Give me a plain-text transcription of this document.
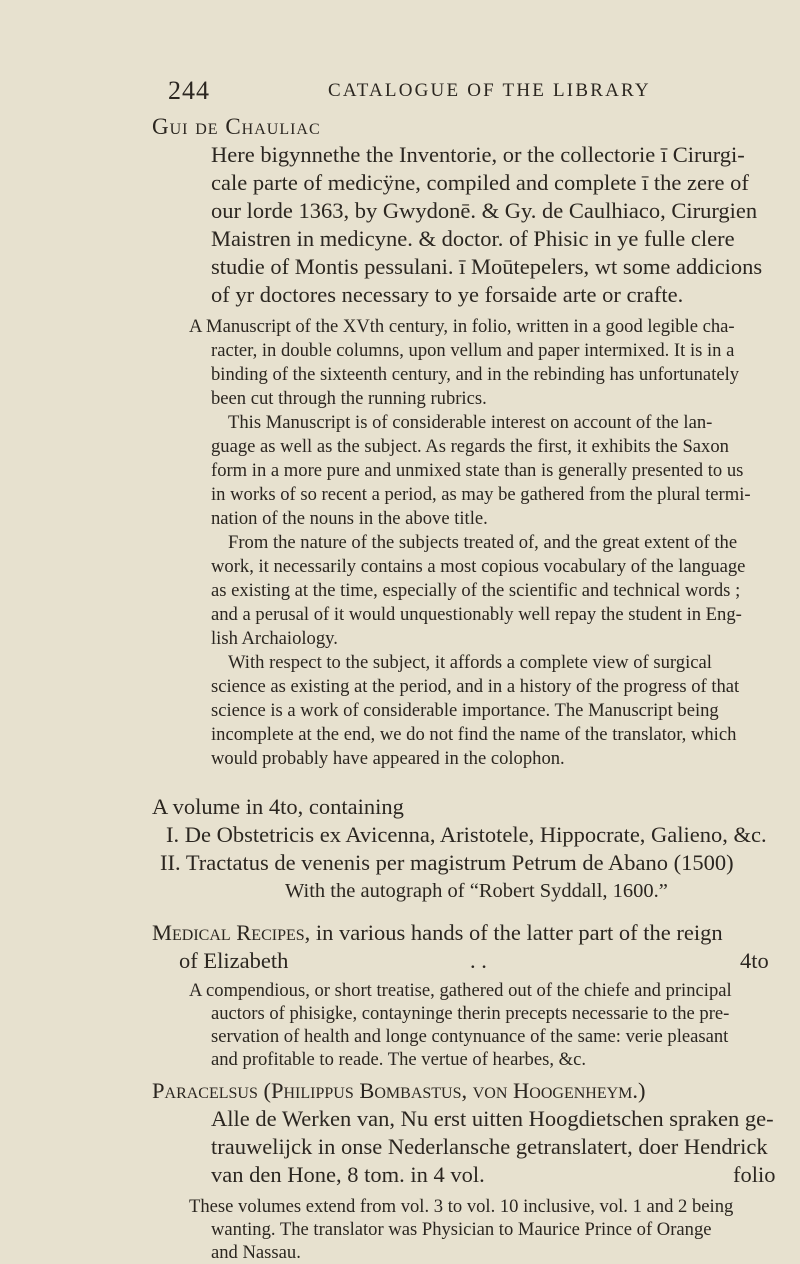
244	CATALOGUE OF THE LIBRARY
Gui de Chauliac
Here bigynnethe the Inventorie, or the collectorie ī Cirurgi-
cale parte of medicÿne, compiled and complete ī the zere of
our lorde 1363, by Gwydonē. & Gy. de Caulhiaco, Cirurgien
Maistren in medicyne. & doctor. of Phisic in ye fulle clere
studie of Montis pessulani. ī Moūtepelers, wt some addicions
of yr doctores necessary to ye forsaide arte or crafte.
A Manuscript of the XVth century, in folio, written in a good legible cha-
racter, in double columns, upon vellum and paper intermixed. It is in a
binding of the sixteenth century, and in the rebinding has unfortunately
been cut through the running rubrics.
This Manuscript is of considerable interest on account of the lan-
guage as well as the subject. As regards the first, it exhibits the Saxon
form in a more pure and unmixed state than is generally presented to us
in works of so recent a period, as may be gathered from the plural termi-
nation of the nouns in the above title.
From the nature of the subjects treated of, and the great extent of the
work, it necessarily contains a most copious vocabulary of the language
as existing at the time, especially of the scientific and technical words ;
and a perusal of it would unquestionably well repay the student in Eng-
lish Archaiology.
With respect to the subject, it affords a complete view of surgical
science as existing at the period, and in a history of the progress of that
science is a work of considerable importance. The Manuscript being
incomplete at the end, we do not find the name of the translator, which
would probably have appeared in the colophon.
A volume in 4to, containing
I. De Obstetricis ex Avicenna, Aristotele, Hippocrate, Galieno, &c.
II. Tractatus de venenis per magistrum Petrum de Abano (1500)
With the autograph of “Robert Syddall, 1600.”
Medical Recipes, in various hands of the latter part of the reign
of Elizabeth	. .	4to
A compendious, or short treatise, gathered out of the chiefe and principal
auctors of phisigke, contayninge therin precepts necessarie to the pre-
servation of health and longe contynuance of the same: verie pleasant
and profitable to reade. The vertue of hearbes, &c.
Paracelsus (Philippus Bombastus, von Hoogenheym.)
Alle de Werken van, Nu erst uitten Hoogdietschen spraken ge-
trauwelijck in onse Nederlansche getranslatert, doer Hendrick
van den Hone, 8 tom. in 4 vol.	folio
These volumes extend from vol. 3 to vol. 10 inclusive, vol. 1 and 2 being
wanting. The translator was Physician to Maurice Prince of Orange
and Nassau.
